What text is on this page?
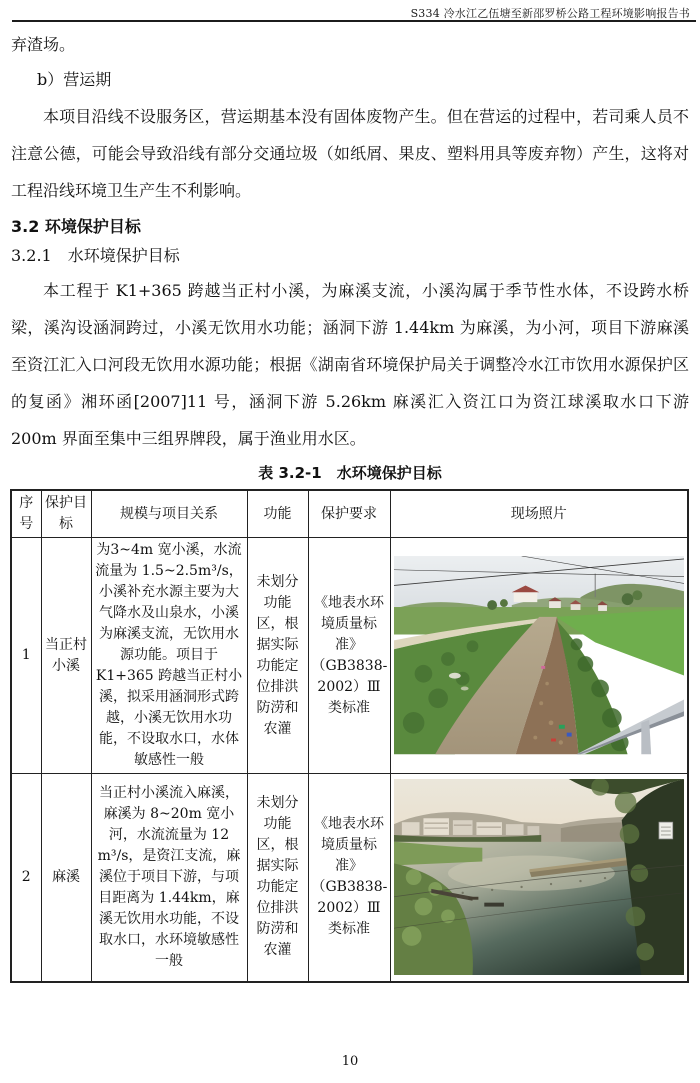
S334 冷水江乙伍塘至新邵罗桥公路工程环境影响报告书

弃渣场。

b）营运期

本项目沿线不设服务区，营运期基本没有固体废物产生。但在营运的过程中，若司乘人员不注意公德，可能会导致沿线有部分交通垃圾（如纸屑、果皮、塑料用具等废弃物）产生，这将对工程沿线环境卫生产生不利影响。

3.2 环境保护目标
3.2.1　水环境保护目标

本工程于 K1+365 跨越当正村小溪，为麻溪支流，小溪沟属于季节性水体，不设跨水桥梁，溪沟设涵洞跨过，小溪无饮用水功能；涵洞下游 1.44km 为麻溪，为小河，项目下游麻溪至资江汇入口河段无饮用水源功能；根据《湖南省环境保护局关于调整冷水江市饮用水源保护区的复函》湘环函[2007]11 号，涵洞下游 5.26km 麻溪汇入资江口为资江球溪取水口下游 200m 界面至集中三组界牌段，属于渔业用水区。

表 3.2-1　水环境保护目标
序号	保护目标	规模与项目关系	功能	保护要求	现场照片
1	当正村小溪	为3~4m 宽小溪，水流流量为 1.5~2.5m³/s，小溪补充水源主要为大气降水及山泉水，小溪为麻溪支流，无饮用水源功能。项目于 K1+365 跨越当正村小溪，拟采用涵洞形式跨越，小溪无饮用水功能，不设取水口，水体敏感性一般	未划分功能区，根据实际功能定位排洪防涝和农灌	《地表水环境质量标准》（GB3838-2002）Ⅲ类标准	

2	麻溪	当正村小溪流入麻溪，麻溪为 8~20m 宽小河，水流流量为 12 m³/s，是资江支流，麻溪位于项目下游，与项目距离为 1.44km，麻溪无饮用水功能，不设取水口，水环境敏感性一般	未划分功能区，根据实际功能定位排洪防涝和农灌	《地表水环境质量标准》（GB3838-2002）Ⅲ类标准	
10
